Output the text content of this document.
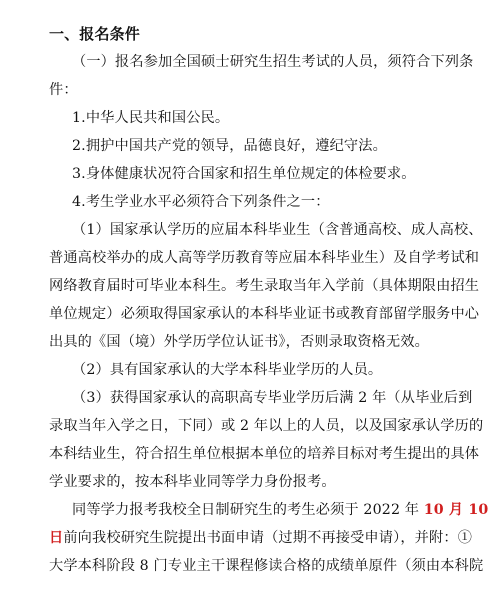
一、报名条件
（一）报名参加全国硕士研究生招生考试的人员，须符合下列条
件：
1.中华人民共和国公民。
2.拥护中国共产党的领导，品德良好，遵纪守法。
3.身体健康状况符合国家和招生单位规定的体检要求。
4.考生学业水平必须符合下列条件之一：
（1）国家承认学历的应届本科毕业生（含普通高校、成人高校、
普通高校举办的成人高等学历教育等应届本科毕业生）及自学考试和
网络教育届时可毕业本科生。考生录取当年入学前（具体期限由招生
单位规定）必须取得国家承认的本科毕业证书或教育部留学服务中心
出具的《国（境）外学历学位认证书》，否则录取资格无效。
（2）具有国家承认的大学本科毕业学历的人员。
（3）获得国家承认的高职高专毕业学历后满 2 年（从毕业后到
录取当年入学之日，下同）或 2 年以上的人员，以及国家承认学历的
本科结业生，符合招生单位根据本单位的培养目标对考生提出的具体
学业要求的，按本科毕业同等学力身份报考。
同等学力报考我校全日制研究生的考生必须于 2022 年 10 月 10
日前向我校研究生院提出书面申请（过期不再接受申请），并附：①
大学本科阶段 8 门专业主干课程修读合格的成绩单原件（须由本科院
